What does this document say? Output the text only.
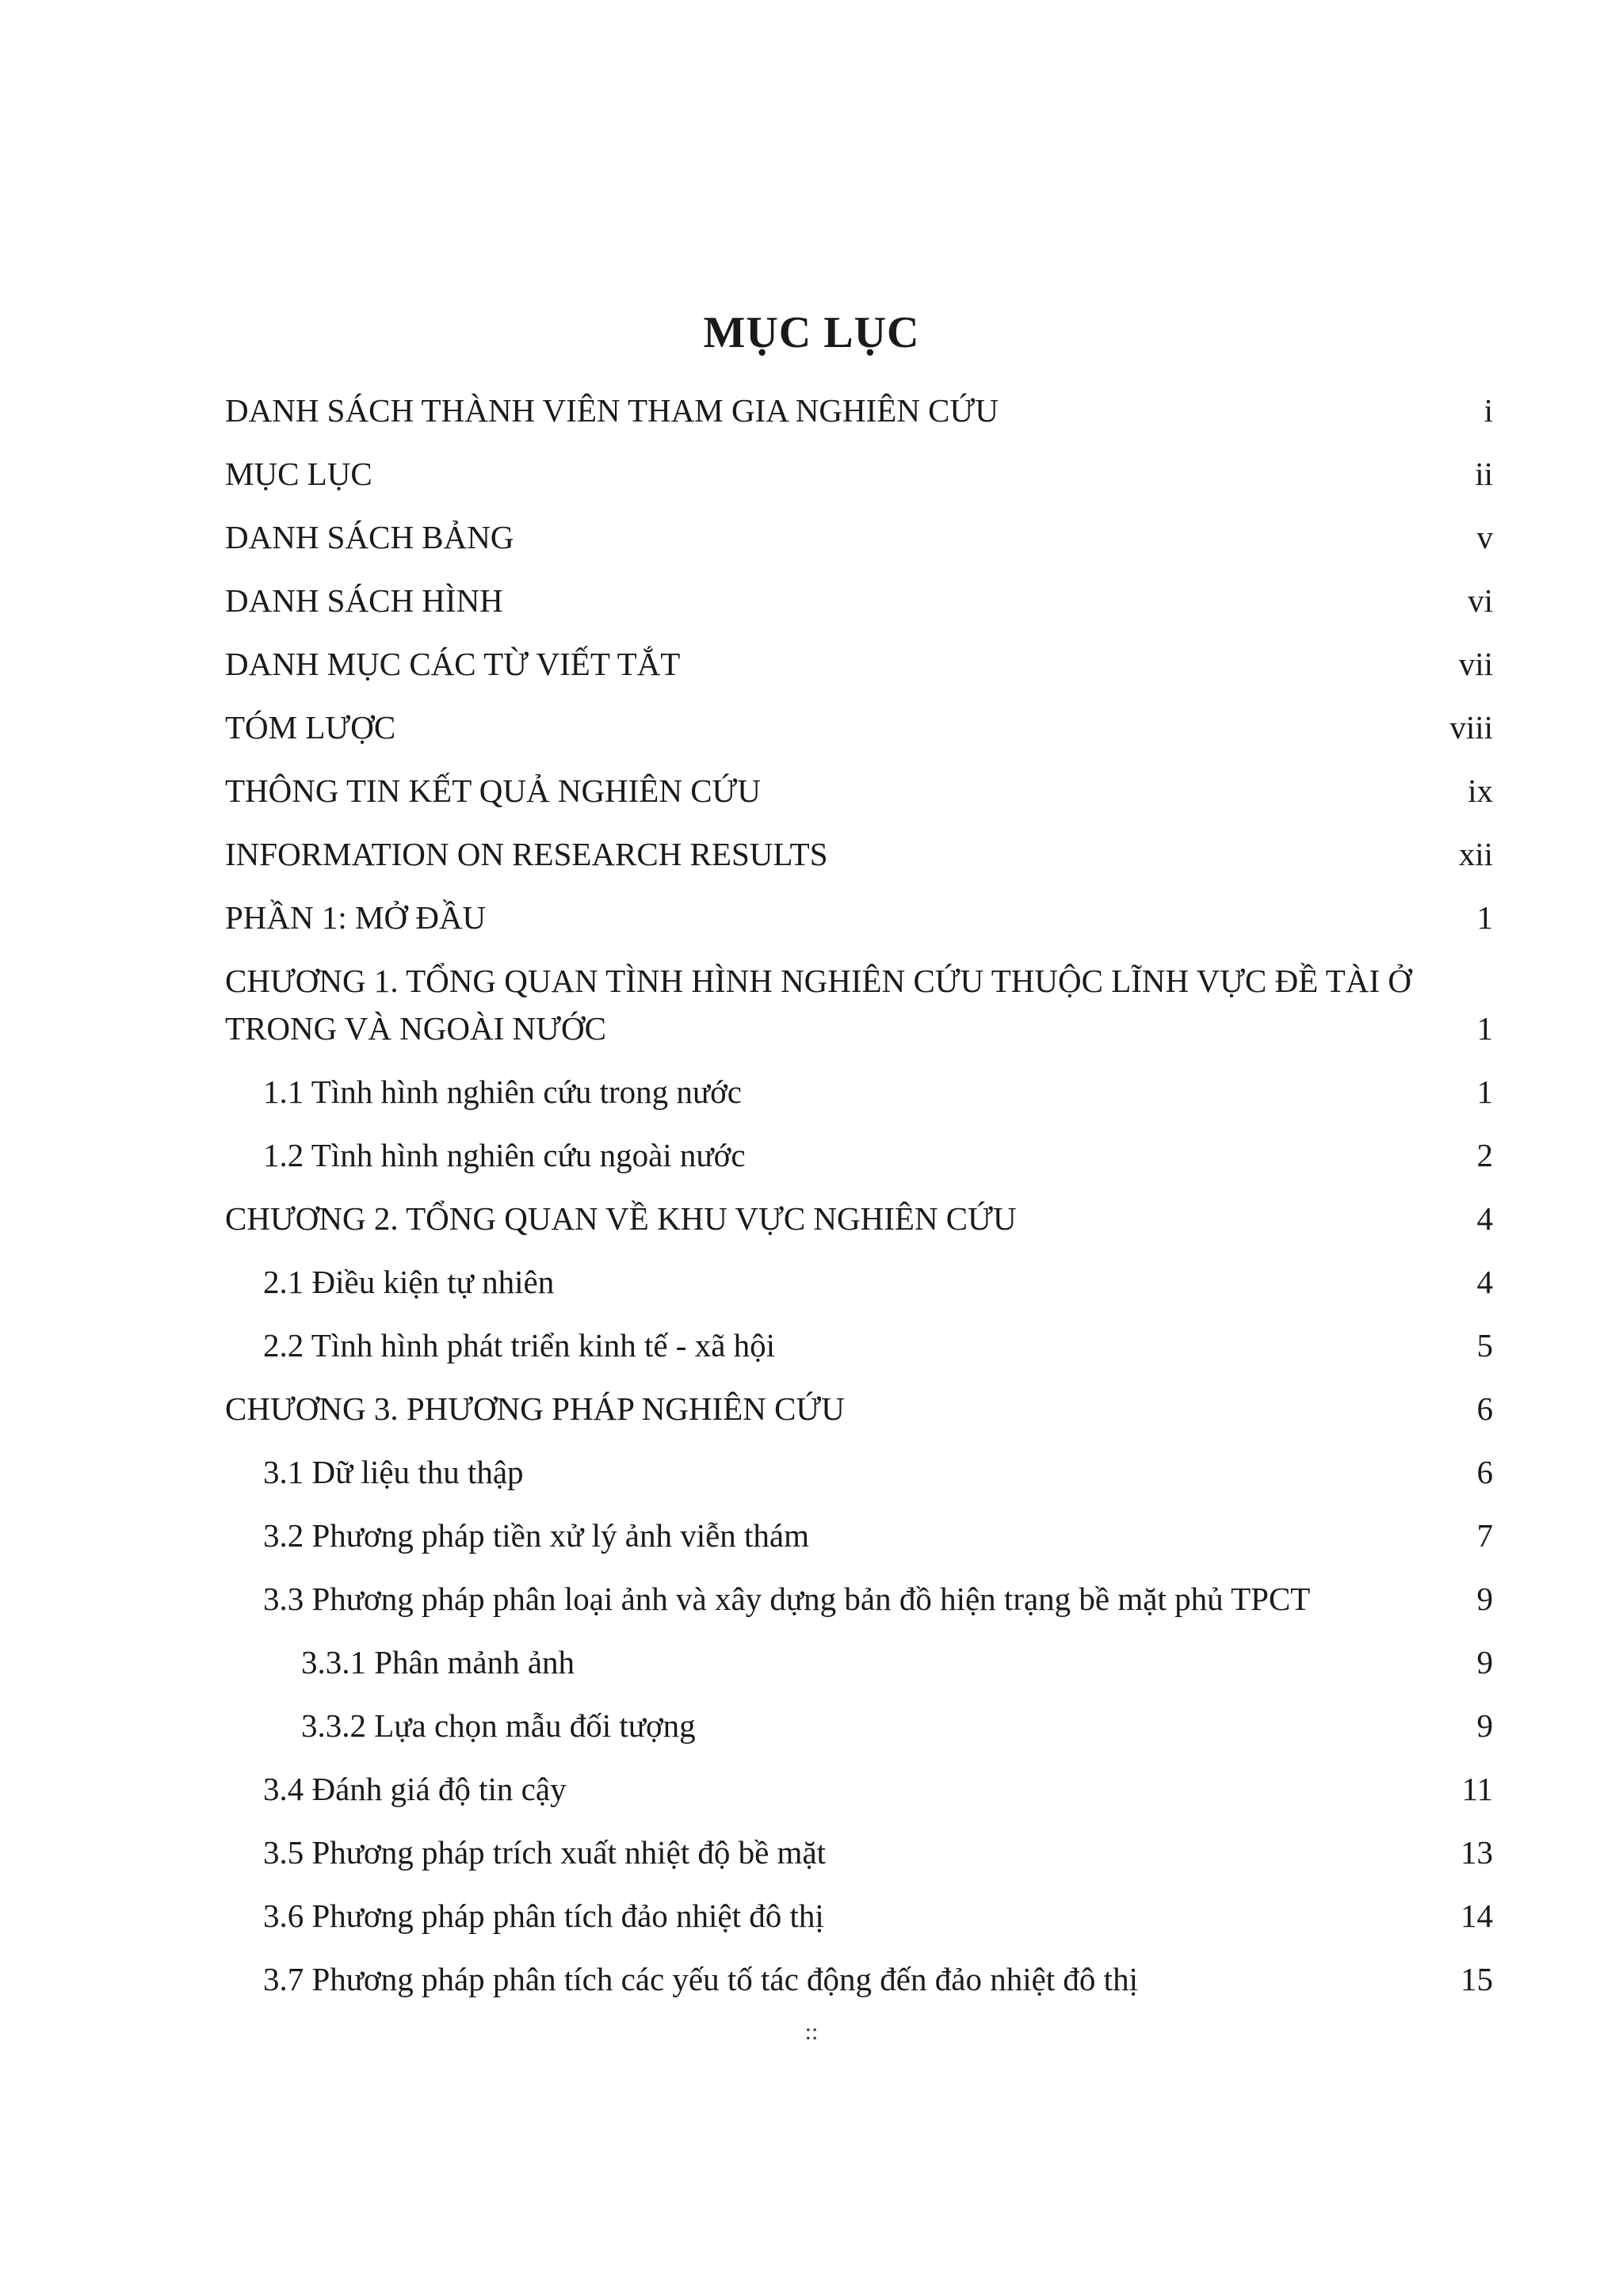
MỤC LỤC
DANH SÁCH THÀNH VIÊN THAM GIA NGHIÊN CỨU	i
MỤC LỤC	ii
DANH SÁCH BẢNG	v
DANH SÁCH HÌNH	vi
DANH MỤC CÁC TỪ VIẾT TẮT	vii
TÓM LƯỢC	viii
THÔNG TIN KẾT QUẢ NGHIÊN CỨU	ix
INFORMATION ON RESEARCH RESULTS	xii
PHẦN 1: MỞ ĐẦU	1
CHƯƠNG 1. TỔNG QUAN TÌNH HÌNH NGHIÊN CỨU THUỘC LĨNH VỰC ĐỀ TÀI Ở
TRONG VÀ NGOÀI NƯỚC	1
1.1 Tình hình nghiên cứu trong nước	1
1.2 Tình hình nghiên cứu ngoài nước	2
CHƯƠNG 2. TỔNG QUAN VỀ KHU VỰC NGHIÊN CỨU	4
2.1 Điều kiện tự nhiên	4
2.2 Tình hình phát triển kinh tế - xã hội	5
CHƯƠNG 3. PHƯƠNG PHÁP NGHIÊN CỨU	6
3.1 Dữ liệu thu thập	6
3.2 Phương pháp tiền xử lý ảnh viễn thám	7
3.3 Phương pháp phân loại ảnh và xây dựng bản đồ hiện trạng bề mặt phủ TPCT	9
3.3.1 Phân mảnh ảnh	9
3.3.2 Lựa chọn mẫu đối tượng	9
3.4 Đánh giá độ tin cậy	11
3.5 Phương pháp trích xuất nhiệt độ bề mặt	13
3.6 Phương pháp phân tích đảo nhiệt đô thị	14
3.7 Phương pháp phân tích các yếu tố tác động đến đảo nhiệt đô thị	15
::
